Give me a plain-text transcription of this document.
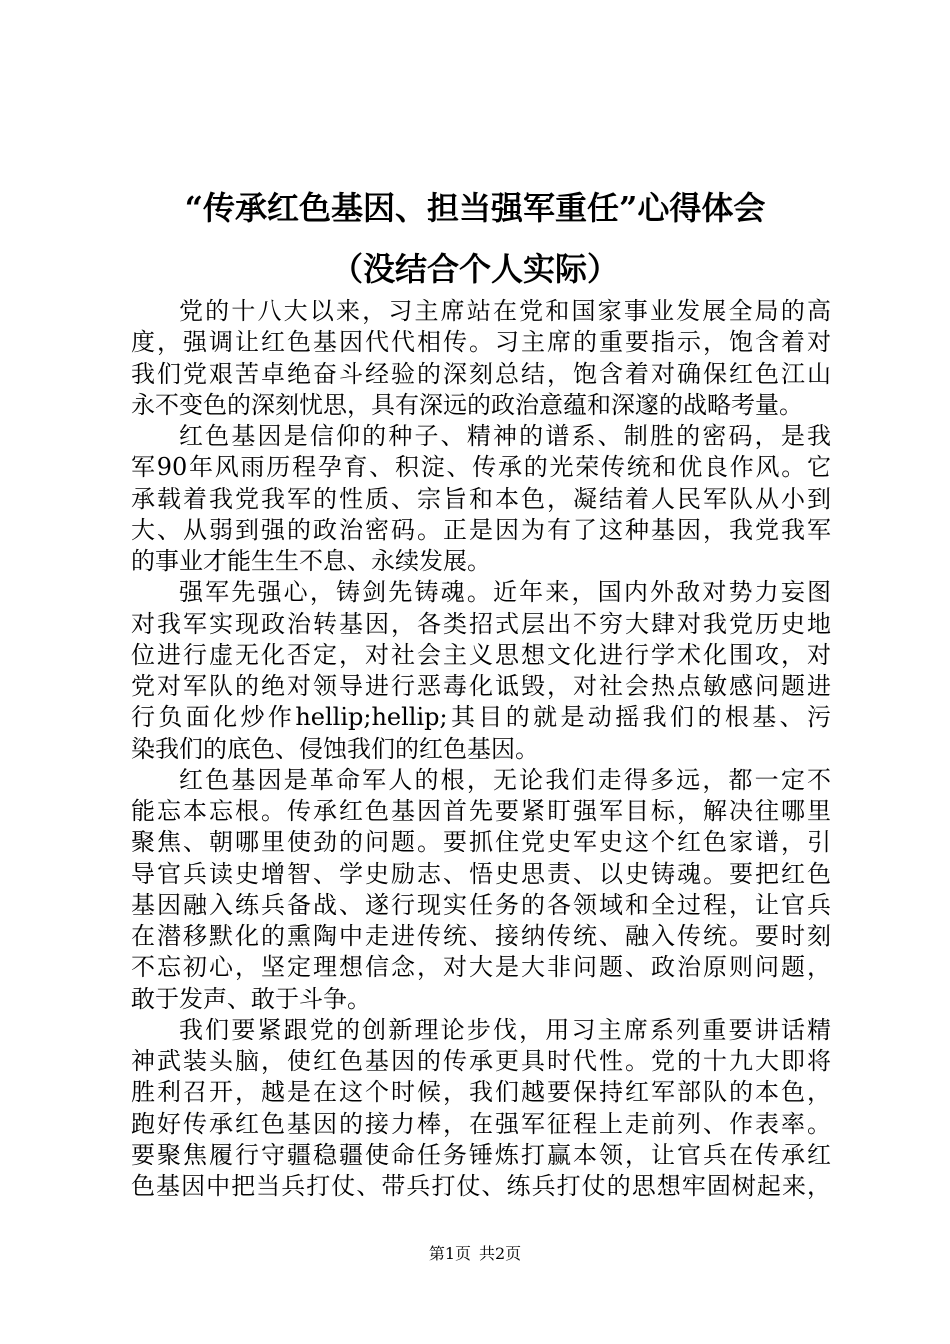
“传承红色基因、担当强军重任”心得体会
（没结合个人实际）
党的十八大以来，习主席站在党和国家事业发展全局的高
度，强调让红色基因代代相传。习主席的重要指示，饱含着对
我们党艰苦卓绝奋斗经验的深刻总结，饱含着对确保红色江山
永不变色的深刻忧思，具有深远的政治意蕴和深邃的战略考量。
红色基因是信仰的种子、精神的谱系、制胜的密码，是我
军90年风雨历程孕育、积淀、传承的光荣传统和优良作风。它
承载着我党我军的性质、宗旨和本色，凝结着人民军队从小到
大、从弱到强的政治密码。正是因为有了这种基因，我党我军
的事业才能生生不息、永续发展。
强军先强心，铸剑先铸魂。近年来，国内外敌对势力妄图
对我军实现政治转基因，各类招式层出不穷大肆对我党历史地
位进行虚无化否定，对社会主义思想文化进行学术化围攻，对
党对军队的绝对领导进行恶毒化诋毁，对社会热点敏感问题进
行负面化炒作hellip;hellip;其目的就是动摇我们的根基、污
染我们的底色、侵蚀我们的红色基因。
红色基因是革命军人的根，无论我们走得多远，都一定不
能忘本忘根。传承红色基因首先要紧盯强军目标，解决往哪里
聚焦、朝哪里使劲的问题。要抓住党史军史这个红色家谱，引
导官兵读史增智、学史励志、悟史思责、以史铸魂。要把红色
基因融入练兵备战、遂行现实任务的各领域和全过程，让官兵
在潜移默化的熏陶中走进传统、接纳传统、融入传统。要时刻
不忘初心，坚定理想信念，对大是大非问题、政治原则问题，
敢于发声、敢于斗争。
我们要紧跟党的创新理论步伐，用习主席系列重要讲话精
神武装头脑，使红色基因的传承更具时代性。党的十九大即将
胜利召开，越是在这个时候，我们越要保持红军部队的本色，
跑好传承红色基因的接力棒，在强军征程上走前列、作表率。
要聚焦履行守疆稳疆使命任务锤炼打赢本领，让官兵在传承红
色基因中把当兵打仗、带兵打仗、练兵打仗的思想牢固树起来，
第1页 共2页
